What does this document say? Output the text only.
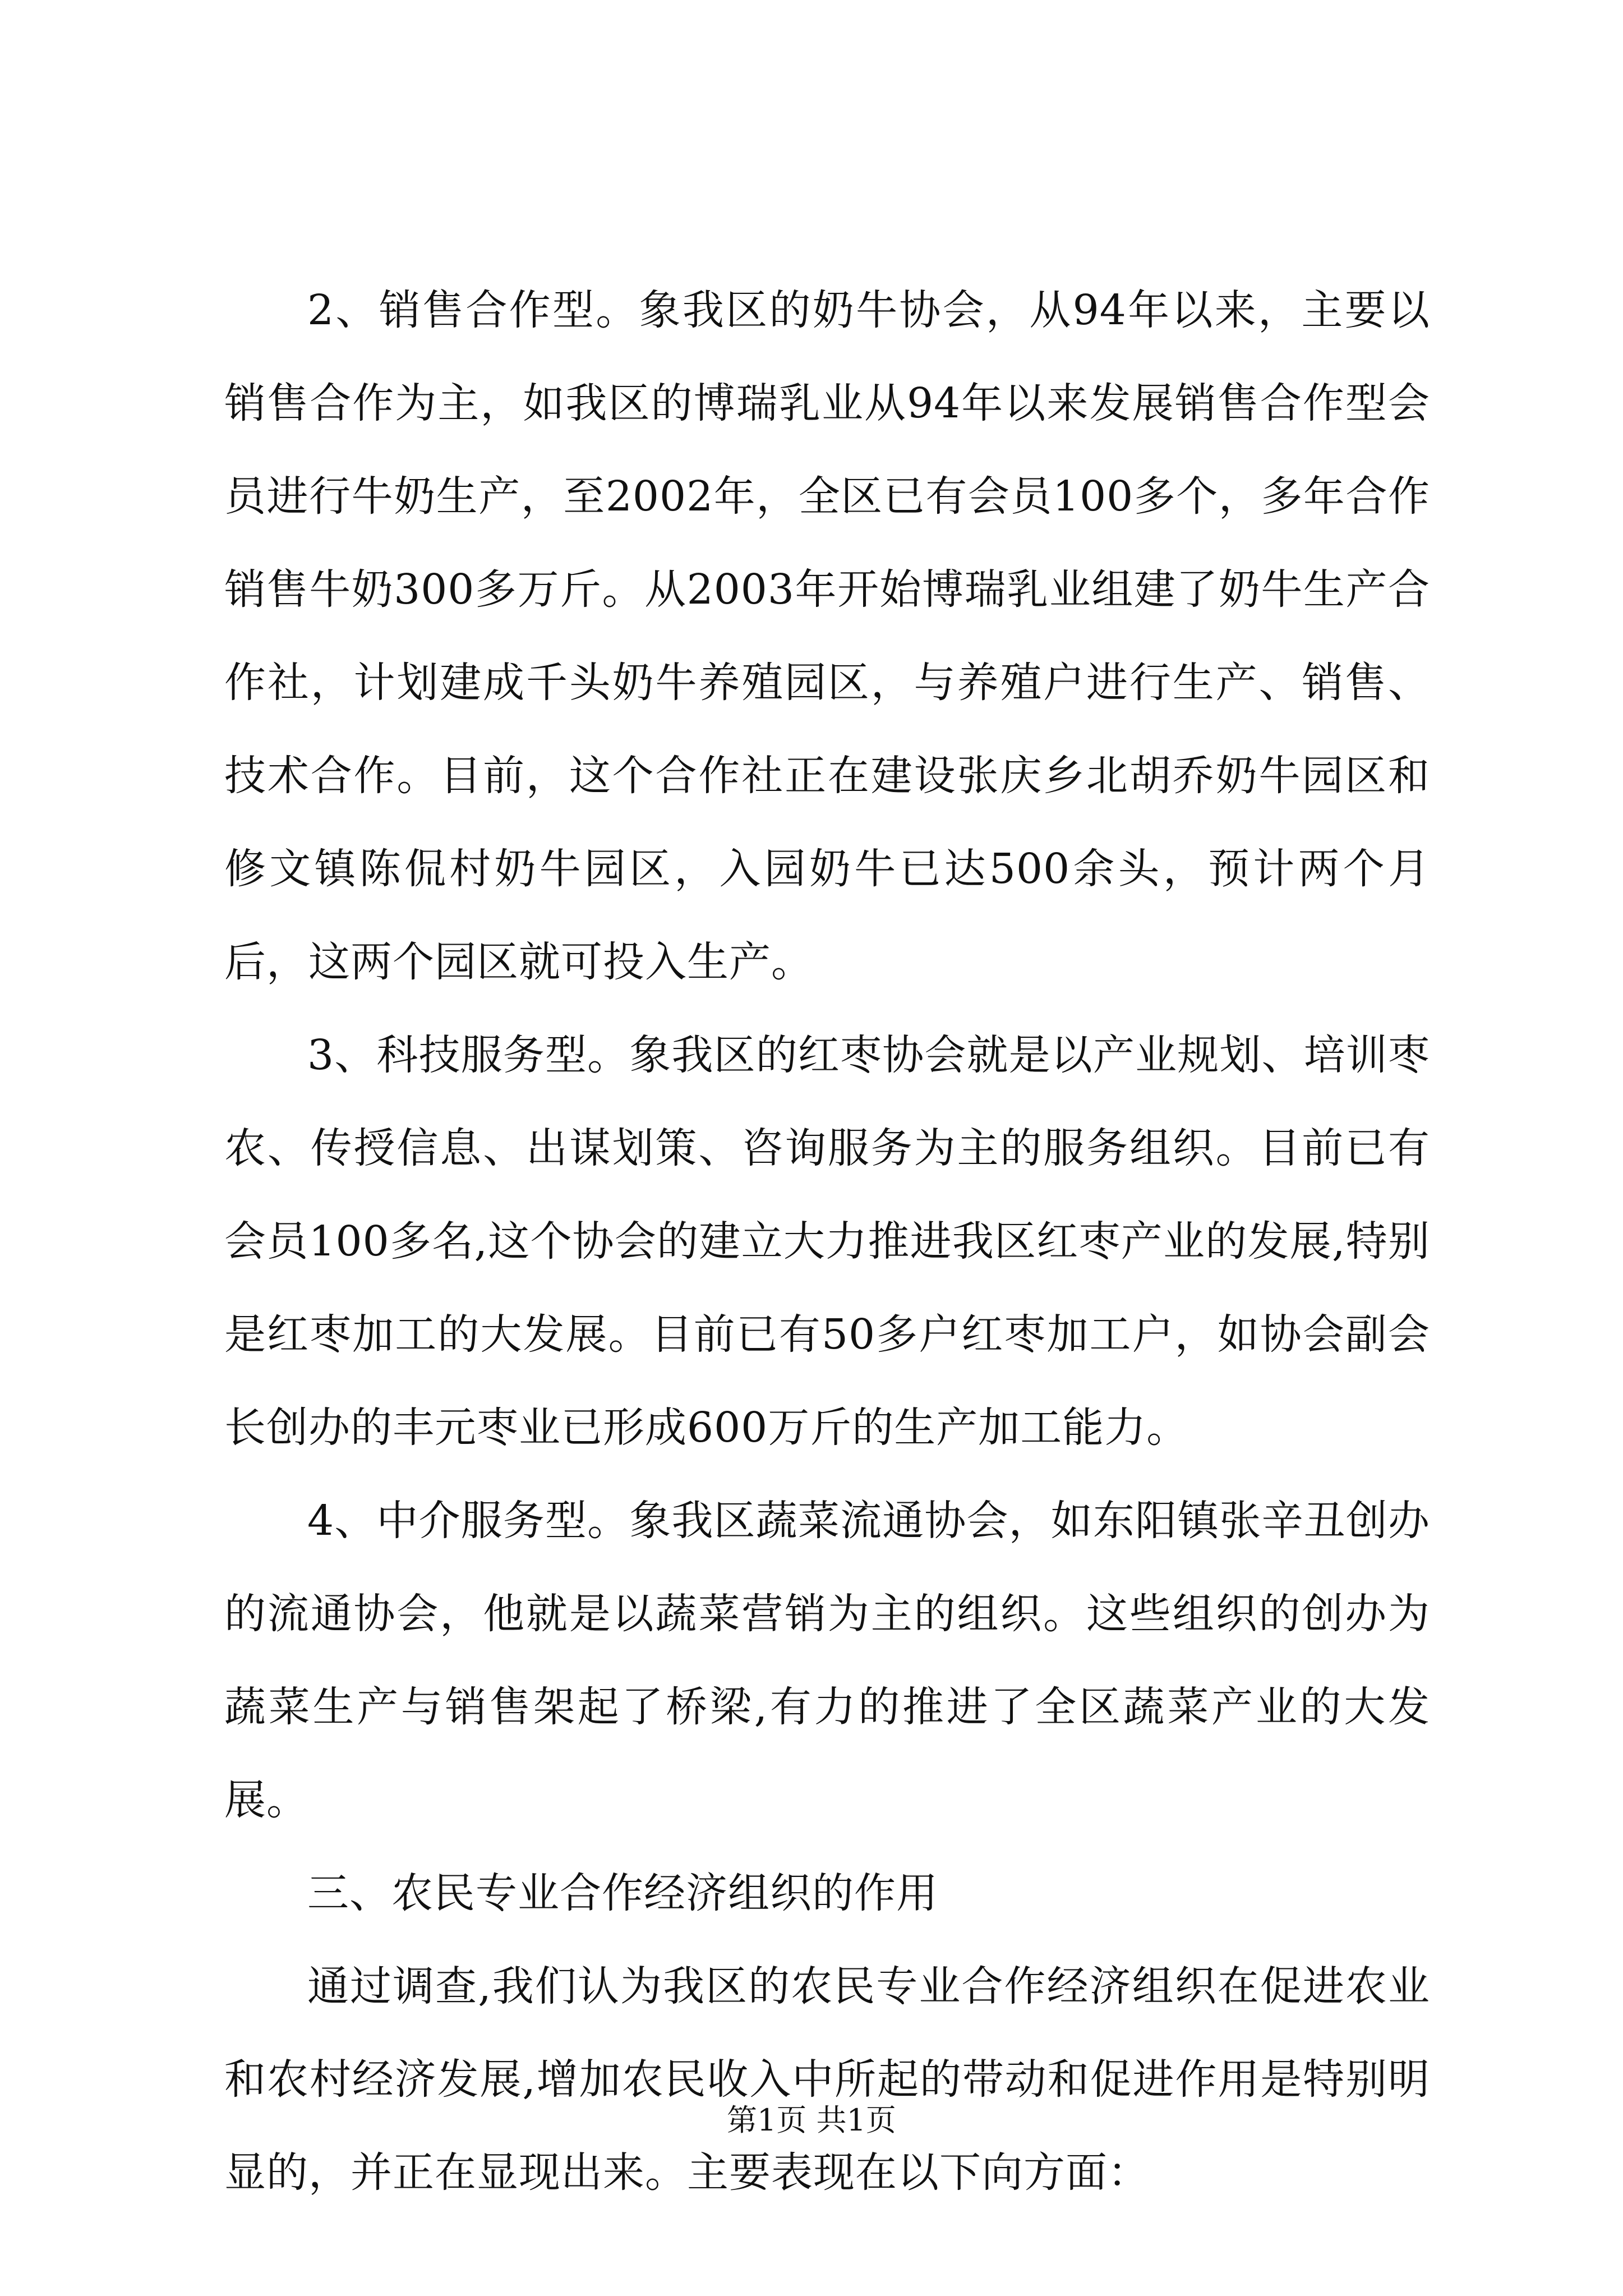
2、销售合作型。象我区的奶牛协会，从94年以来，主要以销售合作为主，如我区的博瑞乳业从94年以来发展销售合作型会员进行牛奶生产，至2002年，全区已有会员100多个，多年合作销售牛奶300多万斤。从2003年开始博瑞乳业组建了奶牛生产合作社，计划建成千头奶牛养殖园区，与养殖户进行生产、销售、技术合作。目前，这个合作社正在建设张庆乡北胡乔奶牛园区和修文镇陈侃村奶牛园区，入园奶牛已达500余头，预计两个月后，这两个园区就可投入生产。

3、科技服务型。象我区的红枣协会就是以产业规划、培训枣农、传授信息、出谋划策、咨询服务为主的服务组织。目前已有会员100多名,这个协会的建立大力推进我区红枣产业的发展,特别是红枣加工的大发展。目前已有50多户红枣加工户，如协会副会长创办的丰元枣业已形成600万斤的生产加工能力。

4、中介服务型。象我区蔬菜流通协会，如东阳镇张辛丑创办的流通协会，他就是以蔬菜营销为主的组织。这些组织的创办为蔬菜生产与销售架起了桥梁,有力的推进了全区蔬菜产业的大发展。

三、农民专业合作经济组织的作用

通过调查,我们认为我区的农民专业合作经济组织在促进农业和农村经济发展,增加农民收入中所起的带动和促进作用是特别明显的，并正在显现出来。主要表现在以下向方面：

第1页 共1页
